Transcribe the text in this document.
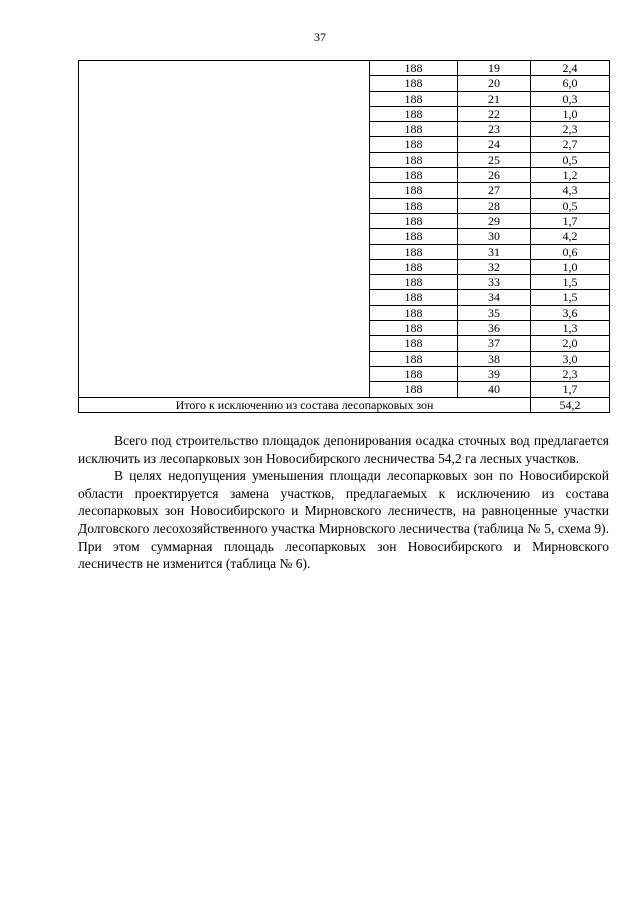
37
	188	19	2,4
	188	20	6,0
	188	21	0,3
	188	22	1,0
	188	23	2,3
	188	24	2,7
	188	25	0,5
	188	26	1,2
	188	27	4,3
	188	28	0,5
	188	29	1,7
	188	30	4,2
	188	31	0,6
	188	32	1,0
	188	33	1,5
	188	34	1,5
	188	35	3,6
	188	36	1,3
	188	37	2,0
	188	38	3,0
	188	39	2,3
	188	40	1,7
Итого к исключению из состава лесопарковых зон			54,2

Всего под строительство площадок депонирования осадка сточных вод предлагается исключить из лесопарковых зон Новосибирского лесничества 54,2 га лесных участков.

В целях недопущения уменьшения площади лесопарковых зон по Новосибирской области проектируется замена участков, предлагаемых к исключению из состава лесопарковых зон Новосибирского и Мирновского лесничеств, на равноценные участки Долговского лесохозяйственного участка Мирновского лесничества (таблица № 5, схема 9). При этом суммарная площадь лесопарковых зон Новосибирского и Мирновского лесничеств не изменится (таблица № 6).
